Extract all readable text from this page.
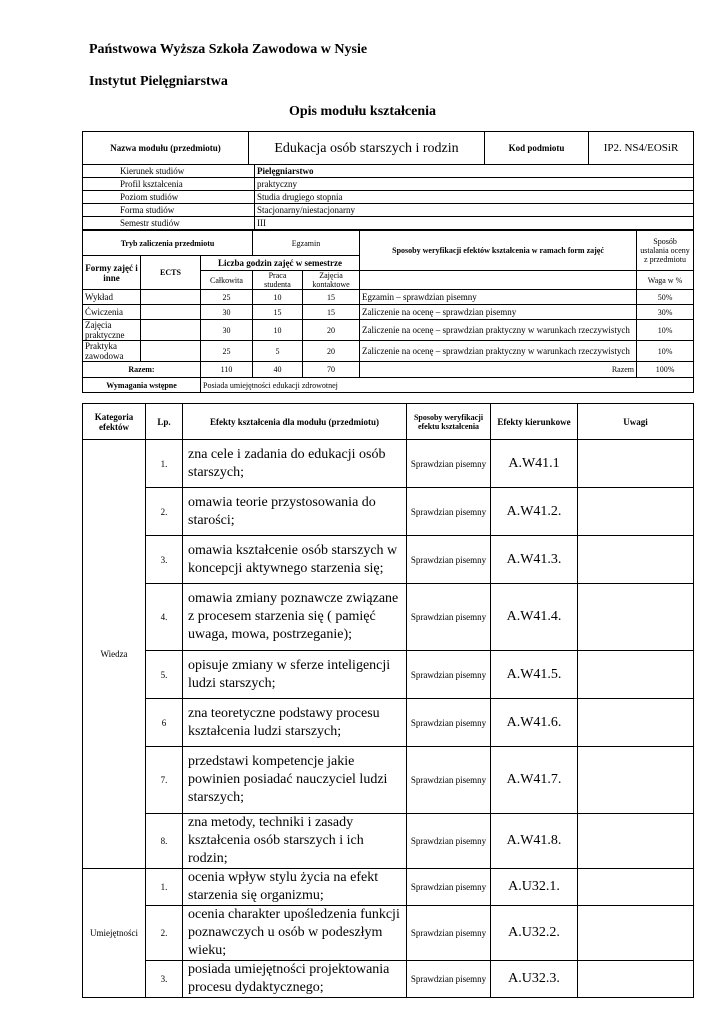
Państwowa Wyższa Szkoła Zawodowa w Nysie
Instytut Pielęgniarstwa
Opis modułu kształcenia
Nazwa modułu (przedmiotu)	Edukacja osób starszych i rodzin	Kod podmiotu	IP2. NS4/EOSiR
Kierunek studiów	Pielęgniarstwo
Profil kształcenia	praktyczny
Poziom studiów	Studia drugiego stopnia
Forma studiów	Stacjonarny/niestacjonarny
Semestr studiów	III
Tryb zaliczenia przedmiotu			Egzamin		Sposoby weryfikacji efektów kształcenia w ramach form zajęć	Sposób ustalania oceny z przedmiotu
Formy zajęć i inne	ECTS	Liczba godzin zajęć w semestrze				
		Całkowita	Praca studenta	Zajęcia kontaktowe		Waga w %
Wykład		25	10	15	Egzamin – sprawdzian pisemny	50%
Ćwiczenia		30	15	15	Zaliczenie na ocenę – sprawdzian pisemny	30%
Zajęcia praktyczne		30	10	20	Zaliczenie na ocenę – sprawdzian praktyczny w warunkach rzeczywistych	10%
Praktyka zawodowa		25	5	20	Zaliczenie na ocenę – sprawdzian praktyczny w warunkach rzeczywistych	10%
Razem:		110	40	70	Razem	100%
Wymagania wstępne		Posiada umiejętności edukacji zdrowotnej				
Kategoria efektów	Lp.	Efekty kształcenia dla modułu (przedmiotu)	Sposoby weryfikacji efektu kształcenia	Efekty kierunkowe	Uwagi
Wiedza	1.	zna cele i zadania do edukacji osób starszych;	Sprawdzian pisemny	A.W41.1	
	2.	omawia teorie przystosowania do starości;	Sprawdzian pisemny	A.W41.2.	
	3.	omawia kształcenie osób starszych w koncepcji aktywnego starzenia się;	Sprawdzian pisemny	A.W41.3.	
	4.	omawia zmiany poznawcze związane z procesem starzenia się ( pamięć uwaga, mowa, postrzeganie);	Sprawdzian pisemny	A.W41.4.	
	5.	opisuje zmiany w sferze inteligencji ludzi starszych;	Sprawdzian pisemny	A.W41.5.	
	6	zna teoretyczne podstawy procesu kształcenia ludzi starszych;	Sprawdzian pisemny	A.W41.6.	
	7.	przedstawi kompetencje jakie powinien posiadać nauczyciel ludzi starszych;	Sprawdzian pisemny	A.W41.7.	
	8.	zna metody, techniki i zasady kształcenia osób starszych i ich rodzin;	Sprawdzian pisemny	A.W41.8.	
Umiejętności	1.	ocenia wpływ stylu życia na efekt starzenia się organizmu;	Sprawdzian pisemny	A.U32.1.	
	2.	ocenia charakter upośledzenia funkcji poznawczych u osób w podeszłym wieku;	Sprawdzian pisemny	A.U32.2.	
	3.	posiada umiejętności projektowania procesu dydaktycznego;	Sprawdzian pisemny	A.U32.3.	
